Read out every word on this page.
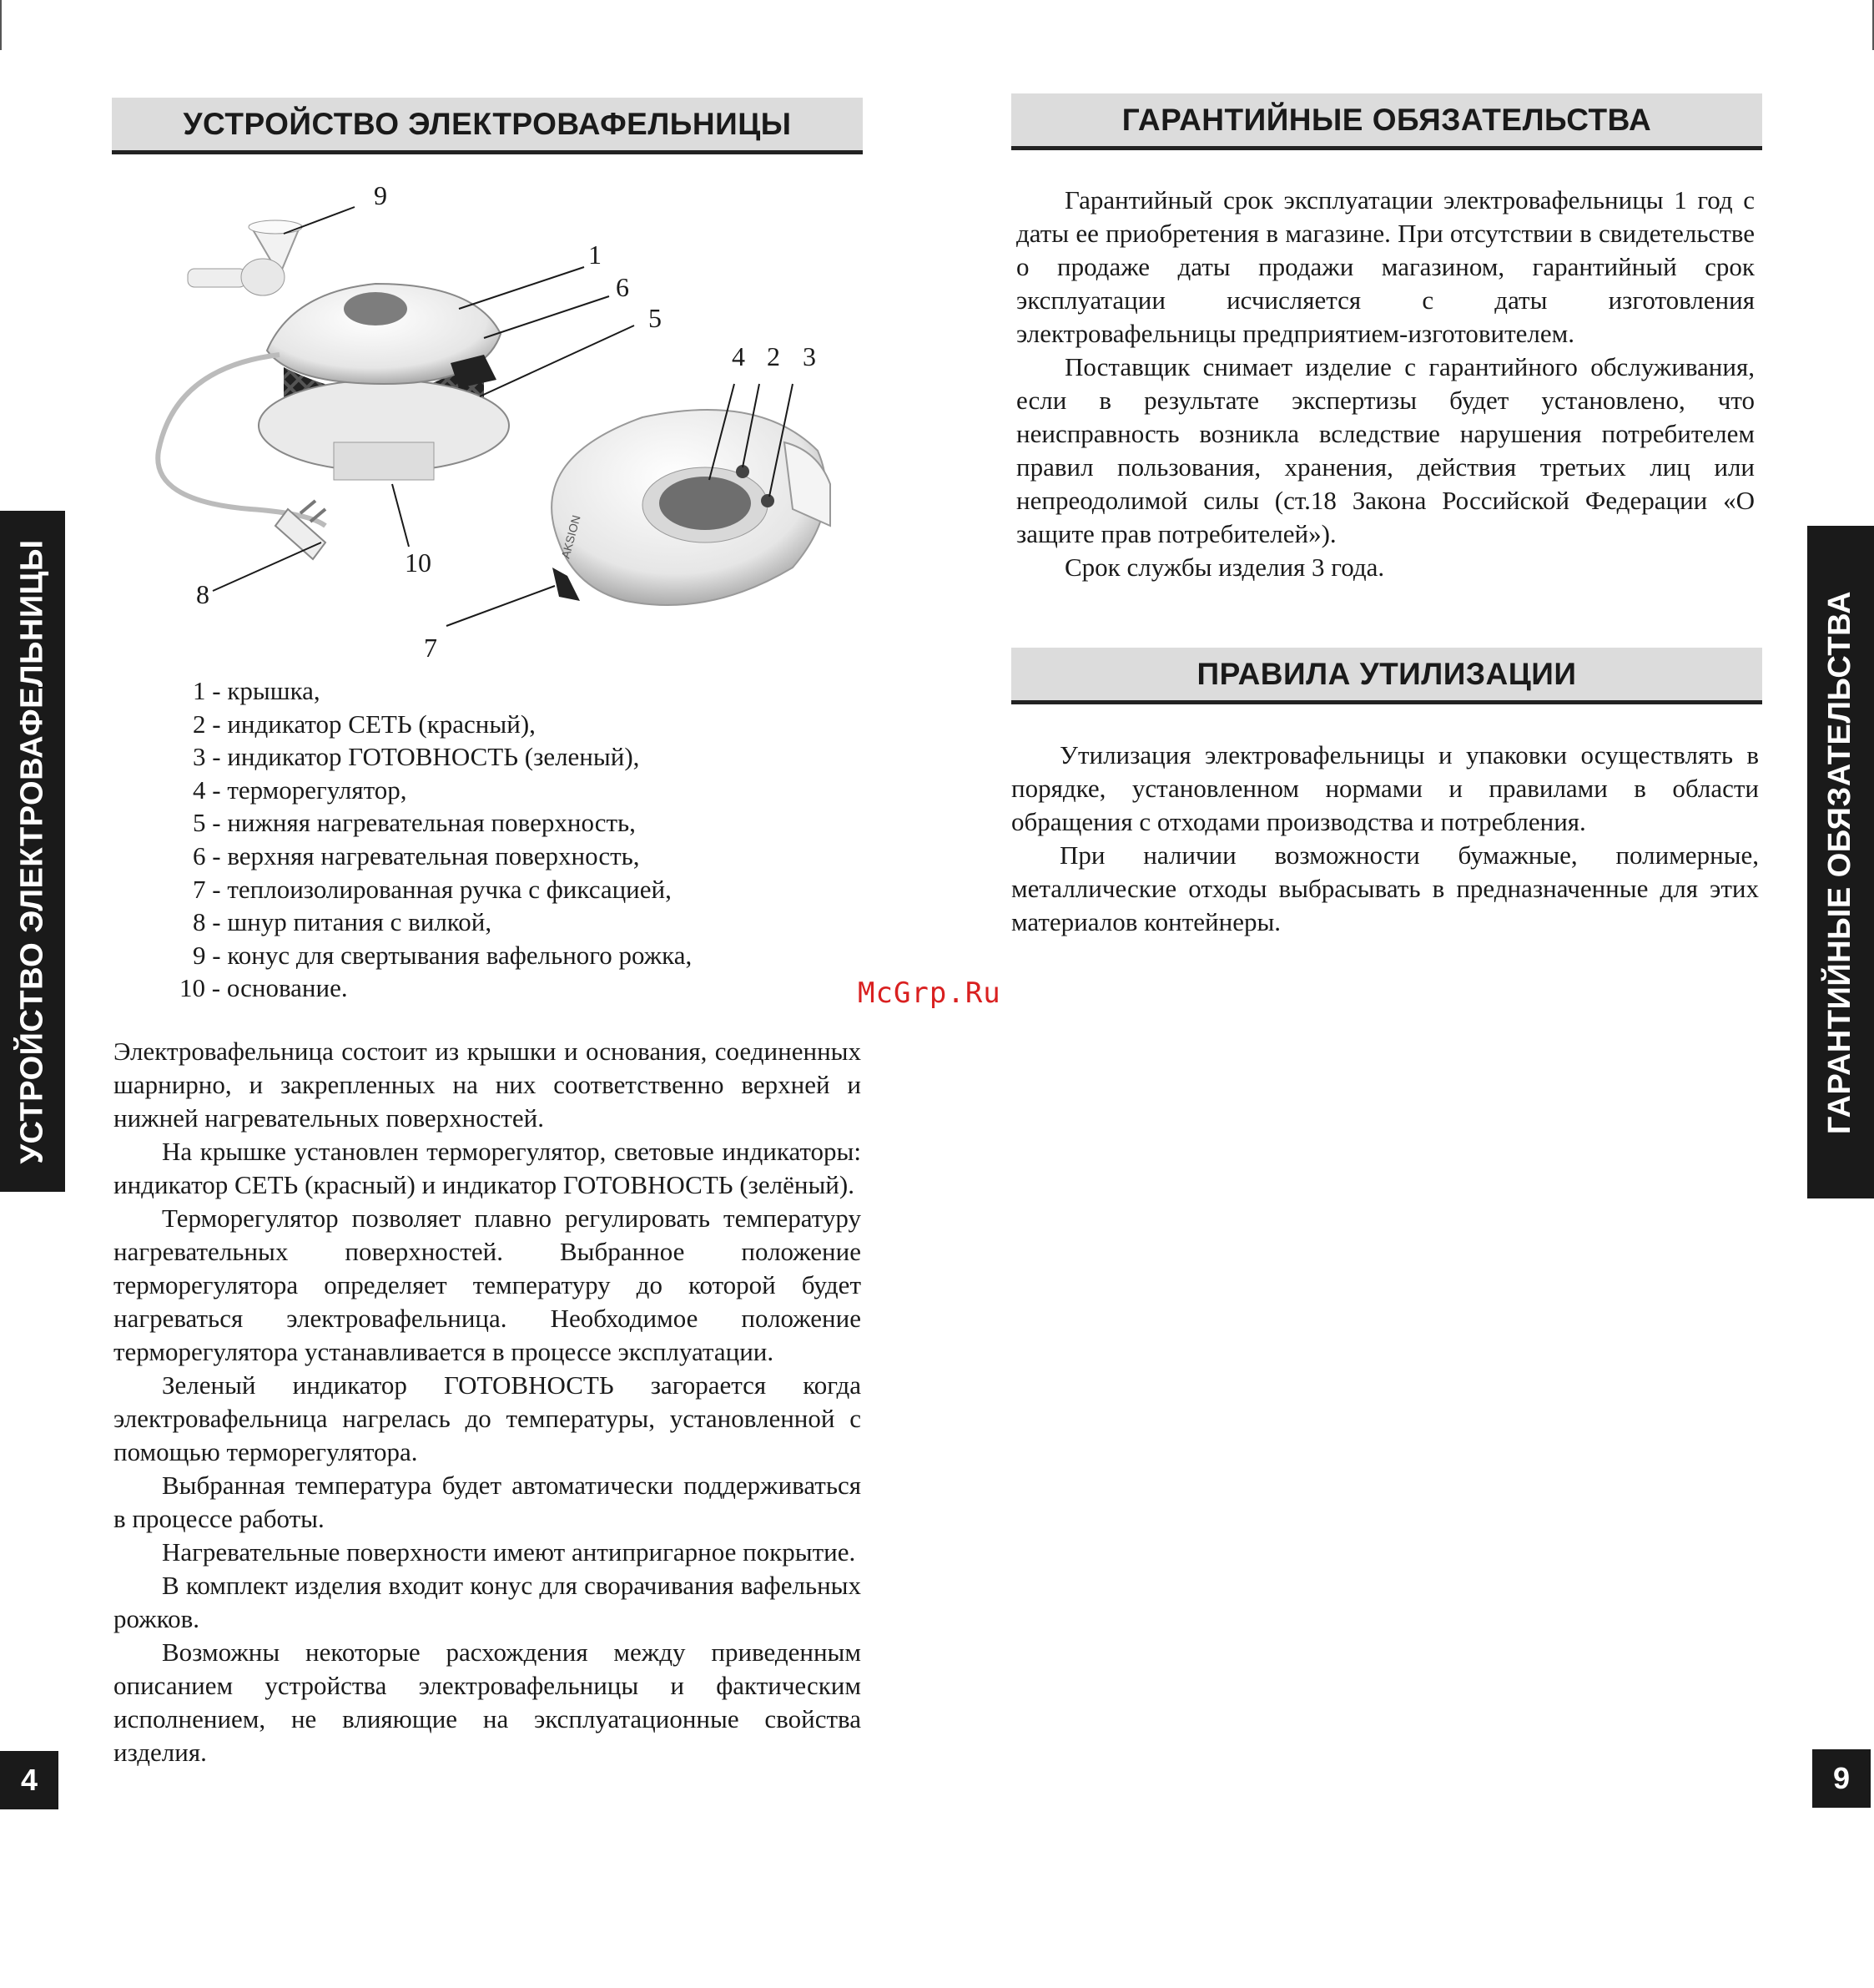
УСТРОЙСТВО ЭЛЕКТРОВАФЕЛЬНИЦЫ
AKSION
9
1
6
5
4 2 3
10
8
7
1 - крышка,
2 - индикатор СЕТЬ (красный),
3 - индикатор ГОТОВНОСТЬ (зеленый),
4 - терморегулятор,
5 - нижняя нагревательная поверхность,
6 - верхняя нагревательная поверхность,
7 - теплоизолированная ручка с фиксацией,
8 - шнур питания с вилкой,
9 - конус для свертывания вафельного рожка,
10 - основание.

Электровафельница состоит из крышки и основания, соединенных шарнирно, и закрепленных на них соответственно верхней и нижней нагревательных поверхностей.

На крышке установлен терморегулятор, световые индикаторы: индикатор СЕТЬ (красный) и индикатор ГОТОВНОСТЬ (зелёный).

Терморегулятор позволяет плавно регулировать температуру нагревательных поверхностей. Выбранное положение терморегулятора определяет температуру до которой будет нагреваться электровафельница. Необходимое положение терморегулятора устанавливается в процессе эксплуатации.

Зеленый индикатор ГОТОВНОСТЬ загорается когда электровафельница нагрелась до температуры, установленной с помощью терморегулятора.

Выбранная температура будет автоматически поддерживаться в процессе работы.

Нагревательные поверхности имеют антипригарное покрытие.

В комплект изделия входит конус для сворачивания вафельных рожков.

Возможны некоторые расхождения между приведенным описанием устройства электровафельницы и фактическим исполнением, не влияющие на эксплуатационные свойства изделия.

УСТРОЙСТВО ЭЛЕКТРОВАФЕЛЬНИЦЫ
4
McGrp.Ru
ГАРАНТИЙНЫЕ ОБЯЗАТЕЛЬСТВА

Гарантийный срок эксплуатации электровафельницы 1 год с даты ее приобретения в магазине. При отсутствии в свидетельстве о продаже даты продажи магазином, гарантийный срок эксплуатации исчисляется с даты изготовления электровафельницы предприятием-изготовителем.

Поставщик снимает изделие с гарантийного обслуживания, если в результате экспертизы будет установлено, что неисправность возникла вследствие нарушения потребителем правил пользования, хранения, действия третьих лиц или непреодолимой силы (ст.18 Закона Российской Федерации «О защите прав потребителей»).

Срок службы изделия 3 года.

ПРАВИЛА УТИЛИЗАЦИИ

Утилизация электровафельницы и упаковки осуществлять в порядке, установленном нормами и правилами в области обращения с отходами производства и потребления.

При наличии возможности бумажные, полимерные, металлические отходы выбрасывать в предназначенные для этих материалов контейнеры.	ГАРАНТИЙНЫЕ ОБЯЗАТЕЛЬСТВА
9
